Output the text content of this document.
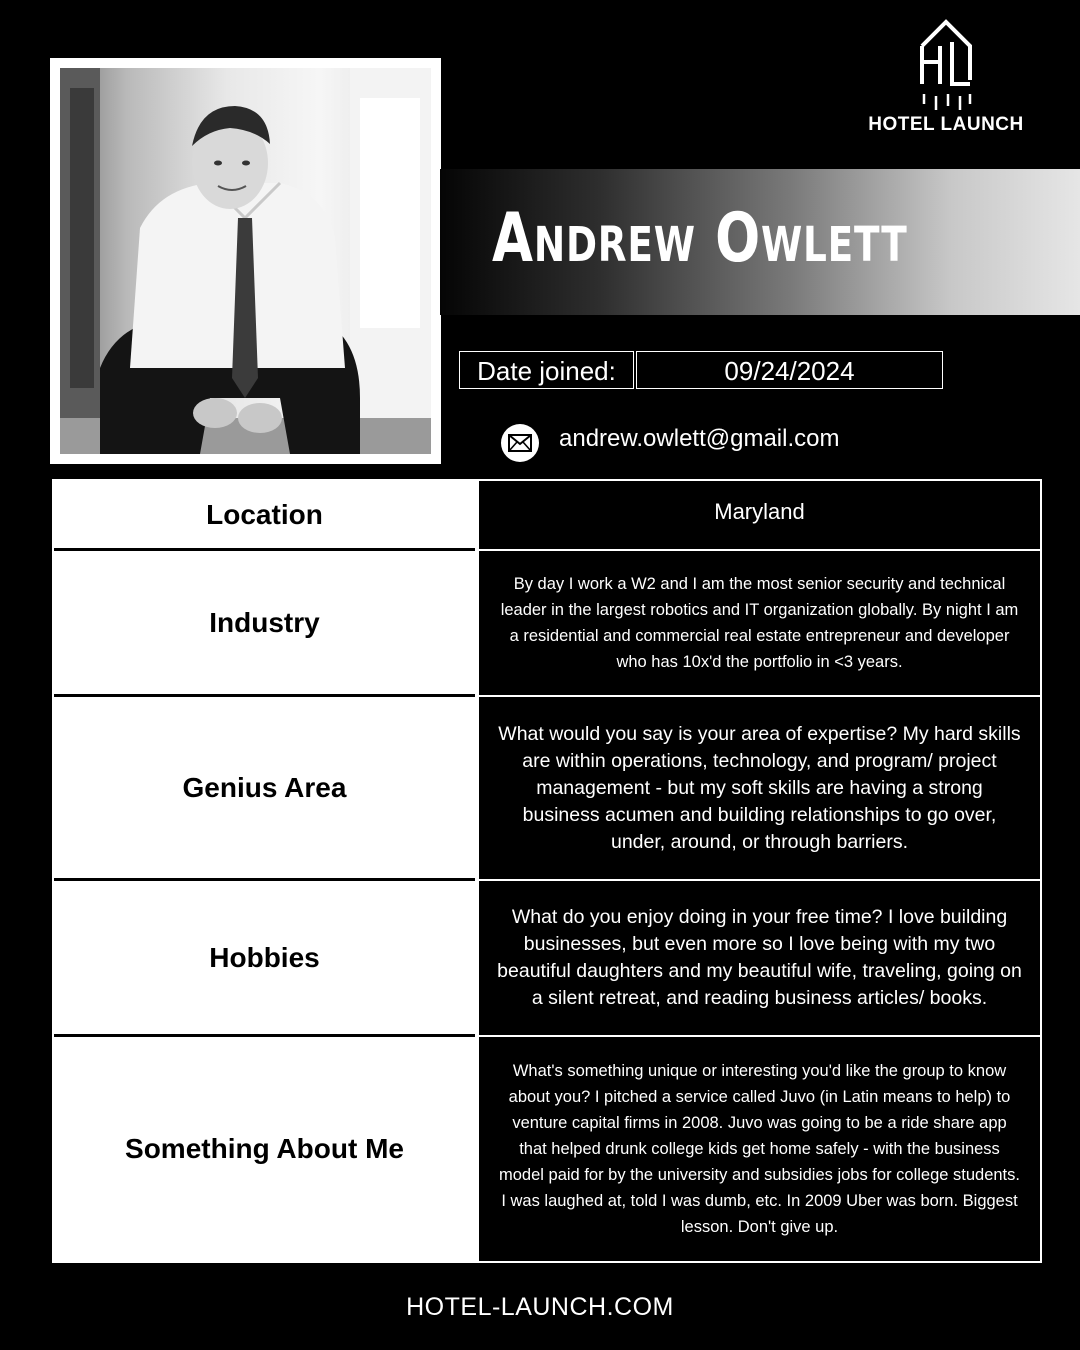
HOTEL LAUNCH
Andrew Owlett
Date joined:	09/24/2024
andrew.owlett@gmail.com
Location	Maryland
Industry
By day I work a W2 and I am the most senior security and technical leader in the largest robotics and IT organization globally. By night I am a residential and commercial real estate entrepreneur and developer who has 10x'd the portfolio in <3 years.
Genius Area
What would you say is your area of expertise? My hard skills are within operations, technology, and program/ project management - but my soft skills are having a strong business acumen and building relationships to go over, under, around, or through barriers.
Hobbies
What do you enjoy doing in your free time? I love building businesses, but even more so I love being with my two beautiful daughters and my beautiful wife, traveling, going on a silent retreat, and reading business articles/ books.
Something About Me
What's something unique or interesting you'd like the group to know about you? I pitched a service called Juvo (in Latin means to help) to venture capital firms in 2008. Juvo was going to be a ride share app that helped drunk college kids get home safely - with the business model paid for by the university and subsidies jobs for college students. I was laughed at, told I was dumb, etc. In 2009 Uber was born. Biggest lesson. Don't give up.
HOTEL-LAUNCH.COM
